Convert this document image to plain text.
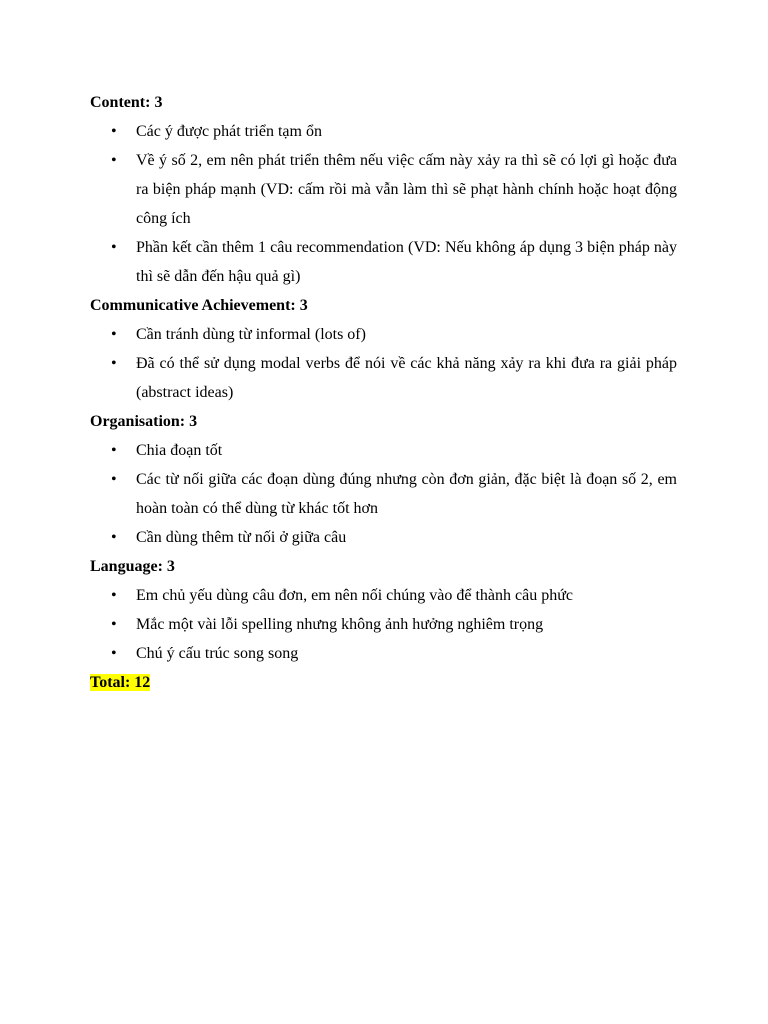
Content: 3
• Các ý được phát triển tạm ổn
• Về ý số 2, em nên phát triển thêm nếu việc cấm này xảy ra thì sẽ có lợi gì hoặc đưa ra biện pháp mạnh (VD: cấm rồi mà vẫn làm thì sẽ phạt hành chính hoặc hoạt động công ích
• Phần kết cần thêm 1 câu recommendation (VD: Nếu không áp dụng 3 biện pháp này thì sẽ dẫn đến hậu quả gì)
Communicative Achievement: 3
• Cần tránh dùng từ informal (lots of)
• Đã có thể sử dụng modal verbs để nói về các khả năng xảy ra khi đưa ra giải pháp (abstract ideas)
Organisation: 3
• Chia đoạn tốt
• Các từ nối giữa các đoạn dùng đúng nhưng còn đơn giản, đặc biệt là đoạn số 2, em hoàn toàn có thể dùng từ khác tốt hơn
• Cần dùng thêm từ nối ở giữa câu
Language: 3
• Em chủ yếu dùng câu đơn, em nên nối chúng vào để thành câu phức
• Mắc một vài lỗi spelling nhưng không ảnh hưởng nghiêm trọng
• Chú ý cấu trúc song song
Total: 12
